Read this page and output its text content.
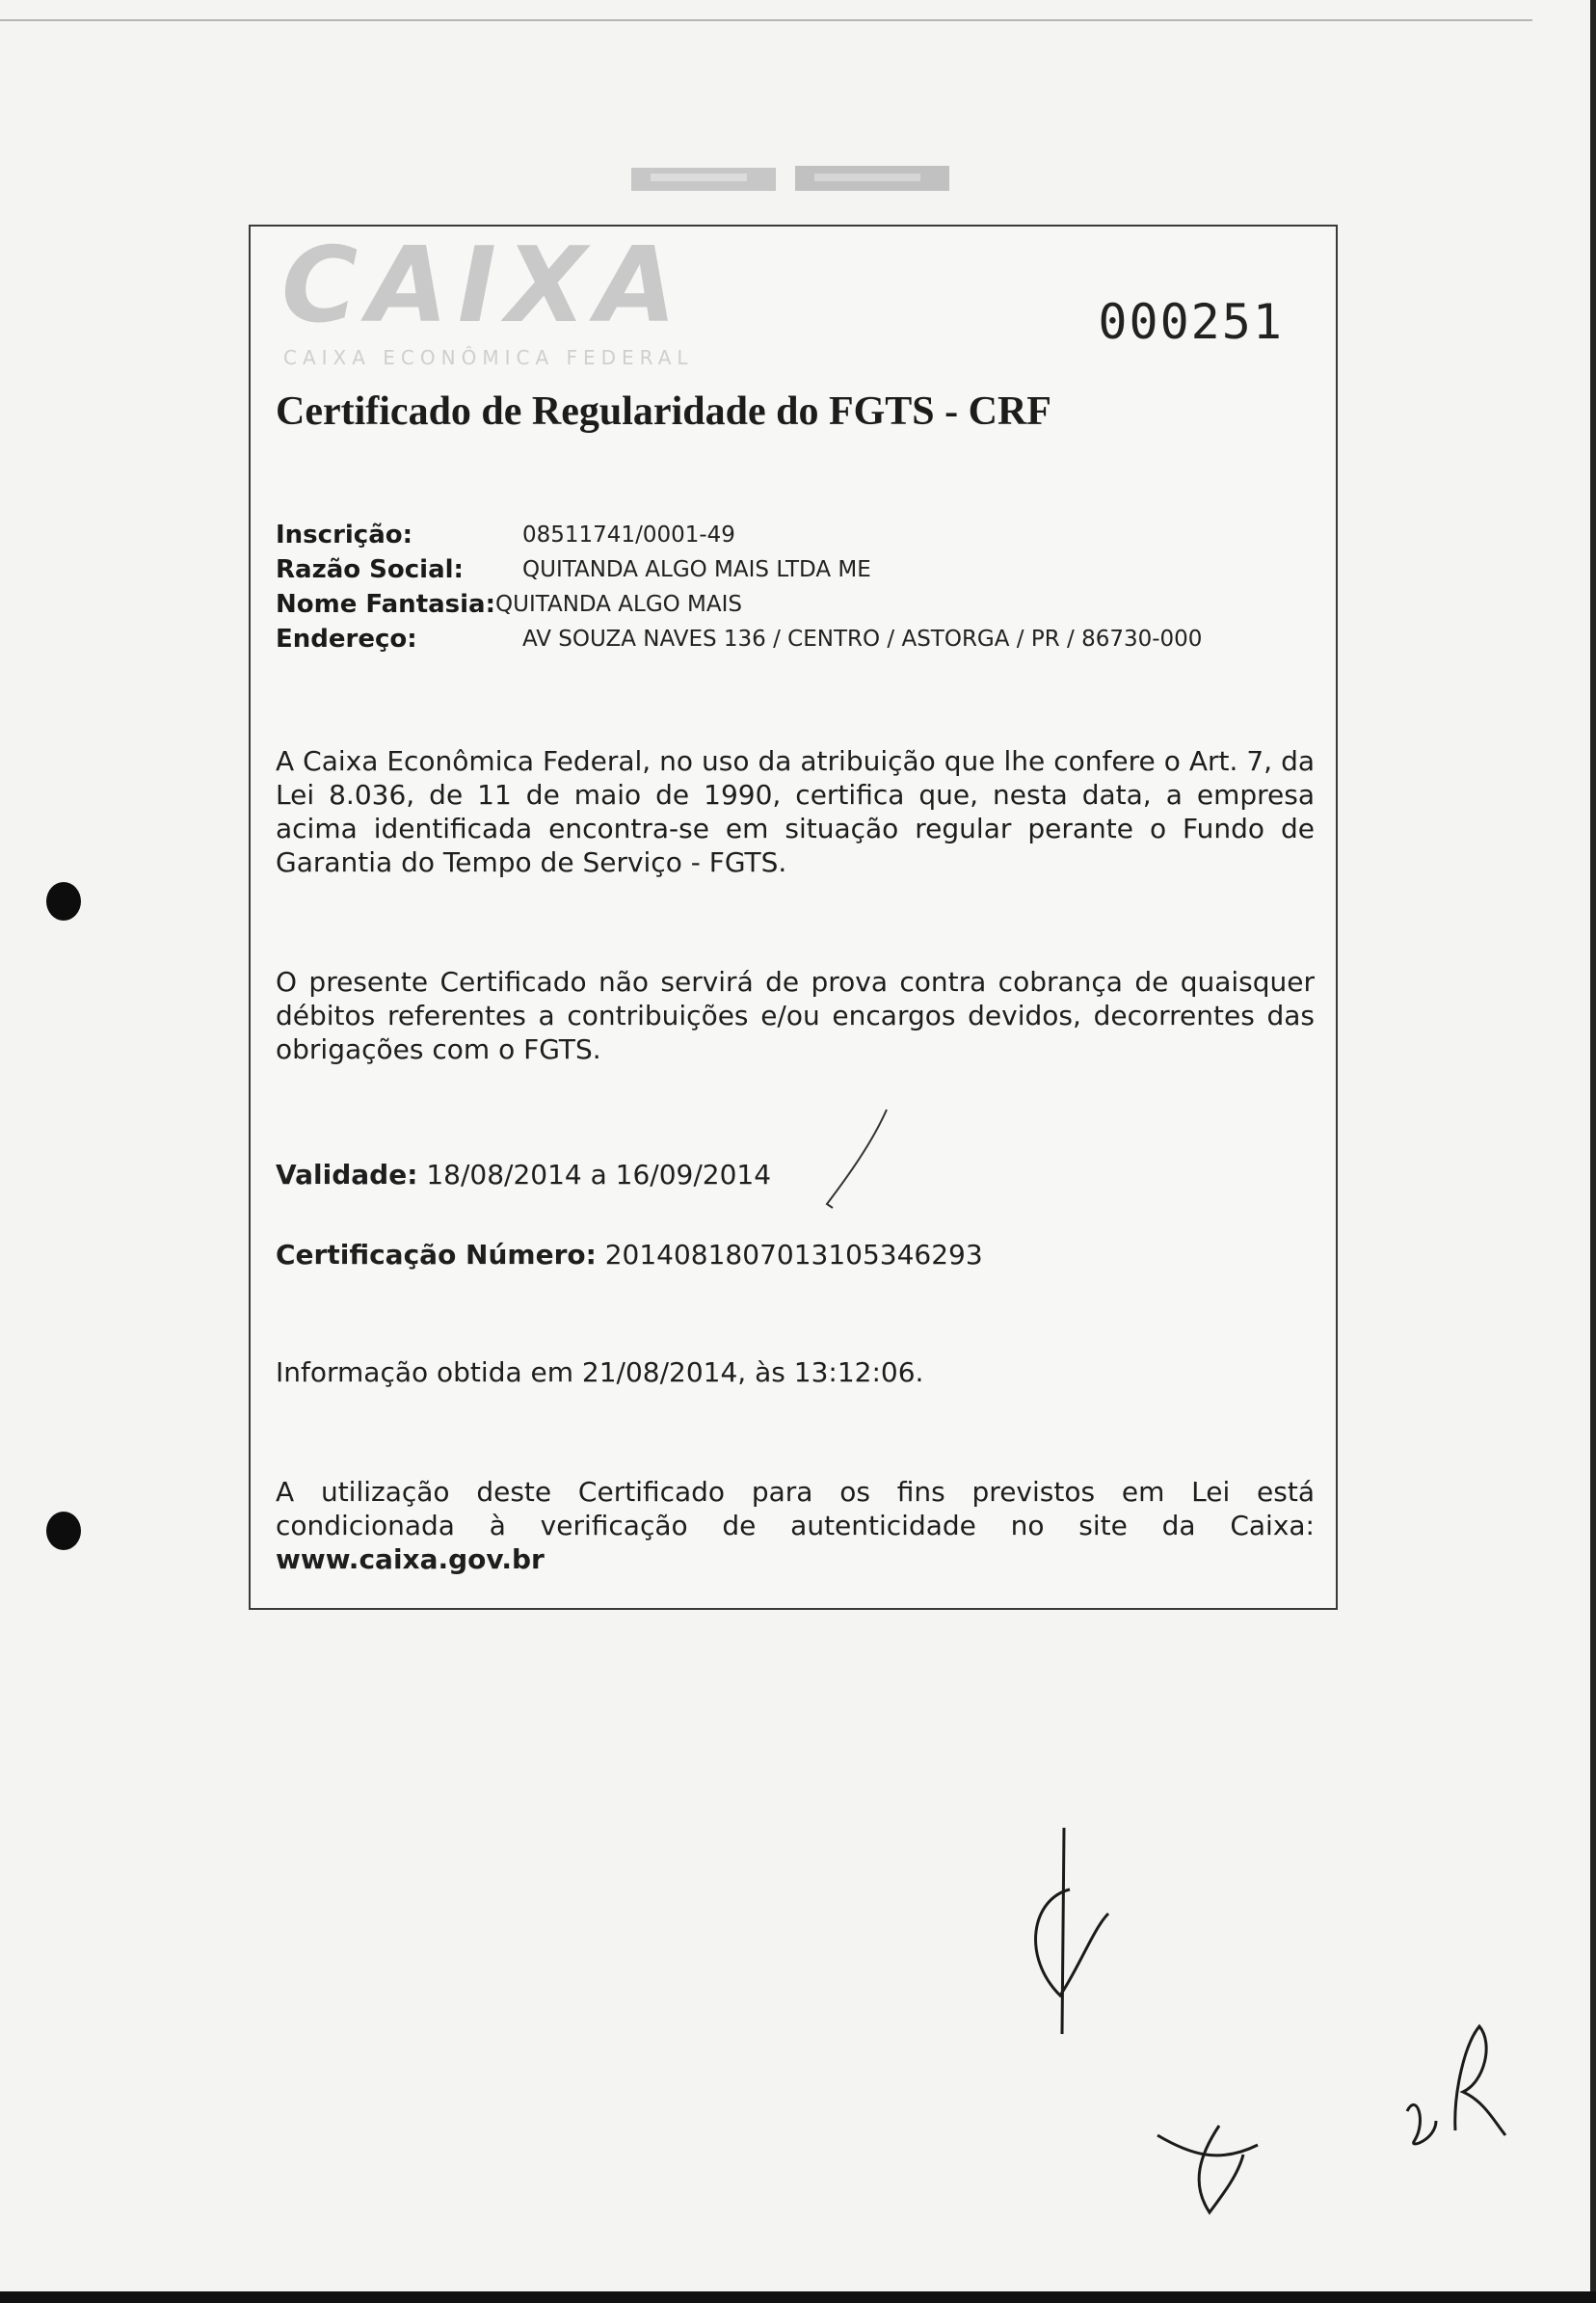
CAIXA
CAIXA ECONÔMICA FEDERAL
000251
Certificado de Regularidade do FGTS - CRF
Inscrição:	08511741/0001-49
Razão Social:	QUITANDA ALGO MAIS LTDA ME
Nome Fantasia: QUITANDA ALGO MAIS
Endereço:	AV SOUZA NAVES 136 / CENTRO / ASTORGA / PR / 86730-000
A Caixa Econômica Federal, no uso da atribuição que lhe confere o Art. 7, da Lei 8.036, de 11 de maio de 1990, certifica que, nesta data, a empresa acima identificada encontra-se em situação regular perante o Fundo de Garantia do Tempo de Serviço - FGTS.
O presente Certificado não servirá de prova contra cobrança de quaisquer débitos referentes a contribuições e/ou encargos devidos, decorrentes das obrigações com o FGTS.
Validade: 18/08/2014 a 16/09/2014
Certificação Número: 2014081807013105346293
Informação obtida em 21/08/2014, às 13:12:06.
A utilização deste Certificado para os fins previstos em Lei está condicionada à verificação de autenticidade no site da Caixa: www.caixa.gov.br
